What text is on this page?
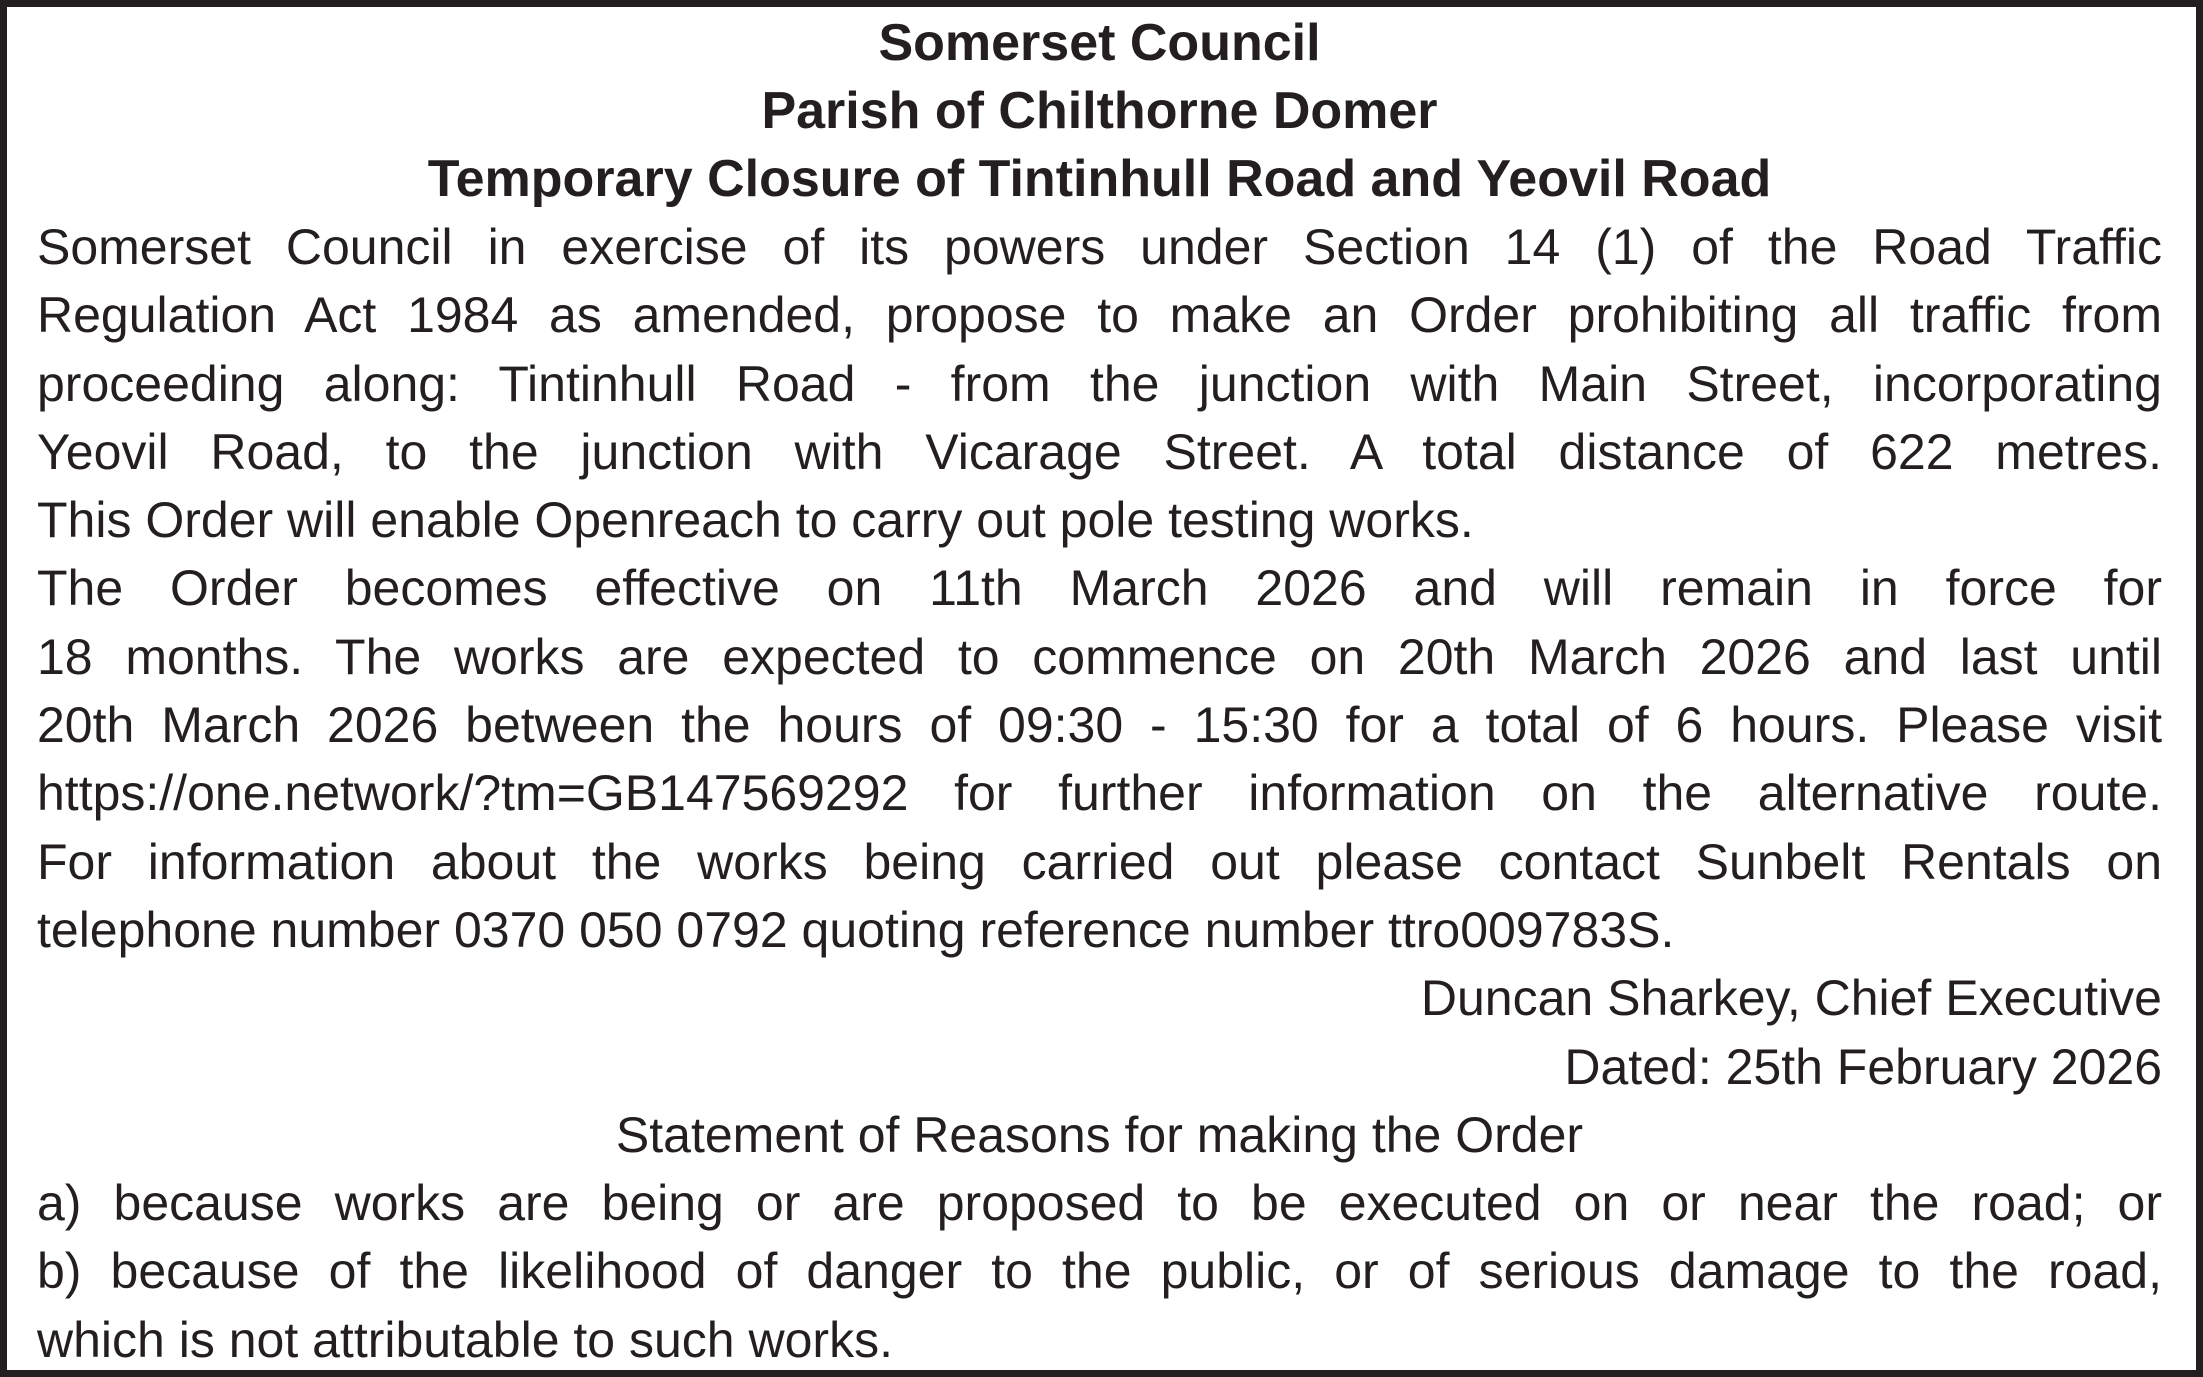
Somerset Council
Parish of Chilthorne Domer
Temporary Closure of Tintinhull Road and Yeovil Road
Somerset Council in exercise of its powers under Section 14 (1) of the Road Traffic
Regulation Act 1984 as amended, propose to make an Order prohibiting all traffic from
proceeding along: Tintinhull Road - from the junction with Main Street, incorporating
Yeovil Road, to the junction with Vicarage Street. A total distance of 622 metres.
This Order will enable Openreach to carry out pole testing works.
The Order becomes effective on 11th March 2026 and will remain in force for
18 months. The works are expected to commence on 20th March 2026 and last until
20th March 2026 between the hours of 09:30 - 15:30 for a total of 6 hours. Please visit
https://one.network/?tm=GB147569292 for further information on the alternative route.
For information about the works being carried out please contact Sunbelt Rentals on
telephone number 0370 050 0792 quoting reference number ttro009783S.
Duncan Sharkey, Chief Executive
Dated: 25th February 2026
Statement of Reasons for making the Order
a) because works are being or are proposed to be executed on or near the road; or
b) because of the likelihood of danger to the public, or of serious damage to the road,
which is not attributable to such works.
